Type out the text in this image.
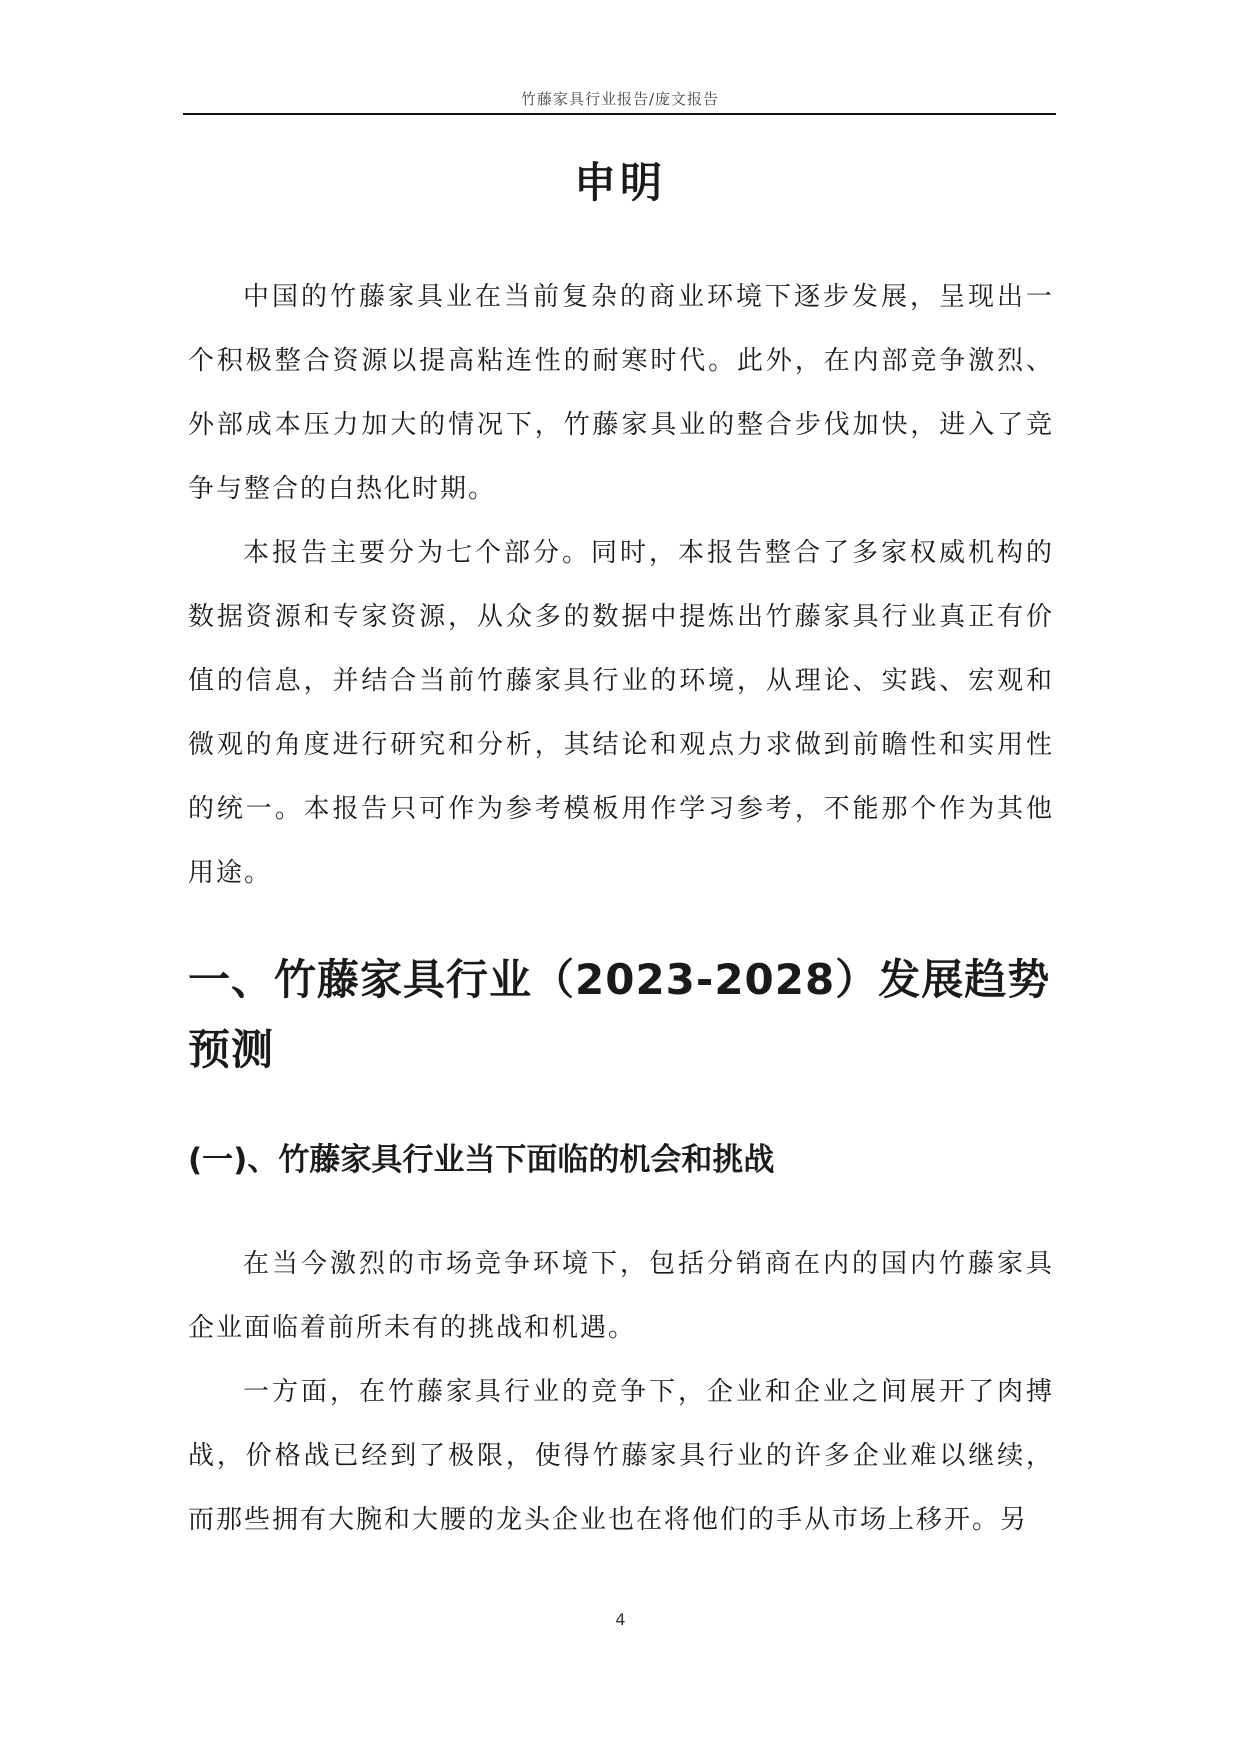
竹藤家具行业报告/庞文报告
申明

中国的竹藤家具业在当前复杂的商业环境下逐步发展，呈现出一个积极整合资源以提高粘连性的耐寒时代。此外，在内部竞争激烈、外部成本压力加大的情况下，竹藤家具业的整合步伐加快，进入了竞争与整合的白热化时期。

本报告主要分为七个部分。同时，本报告整合了多家权威机构的数据资源和专家资源，从众多的数据中提炼出竹藤家具行业真正有价值的信息，并结合当前竹藤家具行业的环境，从理论、实践、宏观和微观的角度进行研究和分析，其结论和观点力求做到前瞻性和实用性的统一。本报告只可作为参考模板用作学习参考，不能那个作为其他用途。

一、竹藤家具行业（2023-2028）发展趋势预测
(一)、竹藤家具行业当下面临的机会和挑战

在当今激烈的市场竞争环境下，包括分销商在内的国内竹藤家具企业面临着前所未有的挑战和机遇。

一方面，在竹藤家具行业的竞争下，企业和企业之间展开了肉搏战，价格战已经到了极限，使得竹藤家具行业的许多企业难以继续，而那些拥有大腕和大腰的龙头企业也在将他们的手从市场上移开。另

4
